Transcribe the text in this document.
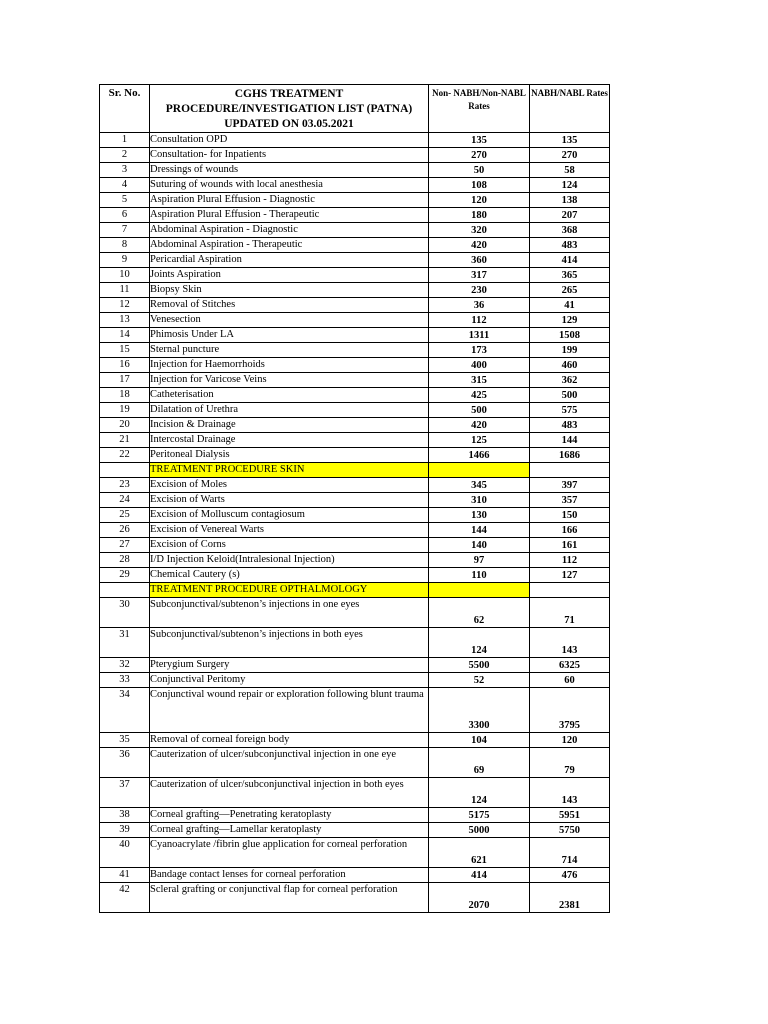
Sr. No.	CGHS TREATMENT PROCEDURE/INVESTIGATION LIST (PATNA) UPDATED ON 03.05.2021	Non- NABH/Non-NABL Rates	NABH/NABL Rates
1	Consultation OPD	135	135
2	Consultation- for Inpatients	270	270
3	Dressings of wounds	50	58
4	Suturing of wounds with local anesthesia	108	124
5	Aspiration Plural Effusion - Diagnostic	120	138
6	Aspiration Plural Effusion - Therapeutic	180	207
7	Abdominal Aspiration - Diagnostic	320	368
8	Abdominal Aspiration - Therapeutic	420	483
9	Pericardial Aspiration	360	414
10	Joints Aspiration	317	365
11	Biopsy Skin	230	265
12	Removal of Stitches	36	41
13	Venesection	112	129
14	Phimosis Under LA	1311	1508
15	Sternal puncture	173	199
16	Injection for Haemorrhoids	400	460
17	Injection for Varicose Veins	315	362
18	Catheterisation	425	500
19	Dilatation of Urethra	500	575
20	Incision & Drainage	420	483
21	Intercostal Drainage	125	144
22	Peritoneal Dialysis	1466	1686
	TREATMENT PROCEDURE SKIN		
23	Excision of Moles	345	397
24	Excision of Warts	310	357
25	Excision of Molluscum contagiosum	130	150
26	Excision of Venereal Warts	144	166
27	Excision of Corns	140	161
28	I/D Injection Keloid(Intralesional Injection)	97	112
29	Chemical Cautery (s)	110	127
	TREATMENT PROCEDURE OPTHALMOLOGY		
30	Subconjunctival/subtenon’s injections in one eyes	62	71
31	Subconjunctival/subtenon’s injections in both eyes	124	143
32	Pterygium Surgery	5500	6325
33	Conjunctival Peritomy	52	60
34	Conjunctival wound repair or exploration following blunt trauma	3300	3795
35	Removal of corneal foreign body	104	120
36	Cauterization of ulcer/subconjunctival injection in one eye	69	79
37	Cauterization of ulcer/subconjunctival injection in both eyes	124	143
38	Corneal grafting—Penetrating keratoplasty	5175	5951
39	Corneal grafting—Lamellar keratoplasty	5000	5750
40	Cyanoacrylate /fibrin glue application for corneal perforation	621	714
41	Bandage contact lenses for corneal perforation	414	476
42	Scleral grafting or conjunctival flap for corneal perforation	2070	2381
